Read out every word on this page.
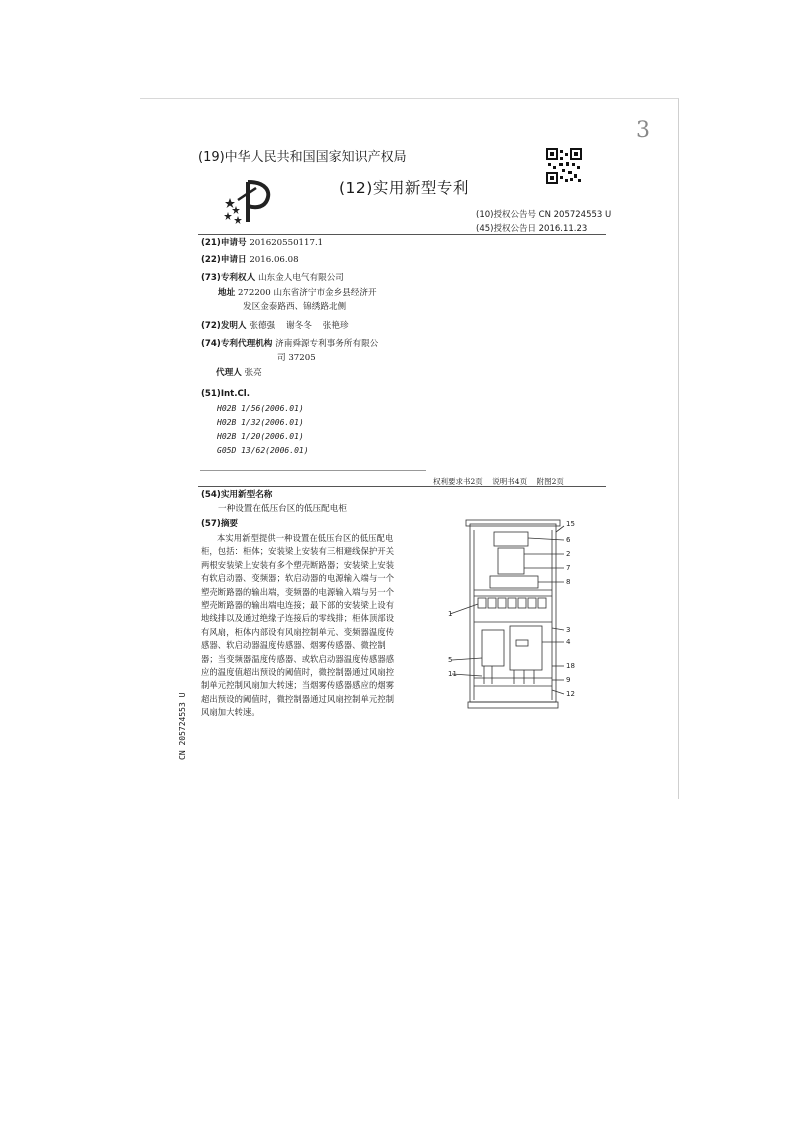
3
(19)中华人民共和国国家知识产权局
(12)实用新型专利
(10)授权公告号 CN 205724553 U
(45)授权公告日 2016.11.23
(21)申请号 201620550117.1
(22)申请日 2016.06.08
(73)专利权人 山东金人电气有限公司
地址 272200 山东省济宁市金乡县经济开
发区金泰路西、锦绣路北侧
(72)发明人 张德强    谢冬冬    张艳珍
(74)专利代理机构 济南舜源专利事务所有限公
司 37205
代理人 张亮
(51)Int.Cl.
H02B 1/56(2006.01)
H02B 1/32(2006.01)
H02B 1/20(2006.01)
G05D 13/62(2006.01)
权利要求书2页    说明书4页    附图2页
(54)实用新型名称
一种设置在低压台区的低压配电柜
(57)摘要
本实用新型提供一种设置在低压台区的低压配电柜，包括：柜体；安装梁上安装有三相避线保护开关两根安装梁上安装有多个塑壳断路器；安装梁上安装有软启动器、变频器；软启动器的电源输入端与一个塑壳断路器的输出端，变频器的电源输入端与另一个塑壳断路器的输出端电连接；最下部的安装梁上设有地线排以及通过绝缘子连接后的零线排；柜体顶部设有风扇，柜体内部设有风扇控制单元、变频器温度传感器、软启动器温度传感器、烟雾传感器、微控制器；当变频器温度传感器、或软启动器温度传感器感应的温度值超出预设的阈值时，微控制器通过风扇控制单元控制风扇加大转速；当烟雾传感器感应的烟雾超出预设的阈值时，微控制器通过风扇控制单元控制风扇加大转速。
CN 205724553 U
15
6
2
7
8
1
3
4
5
11
18
9
12
